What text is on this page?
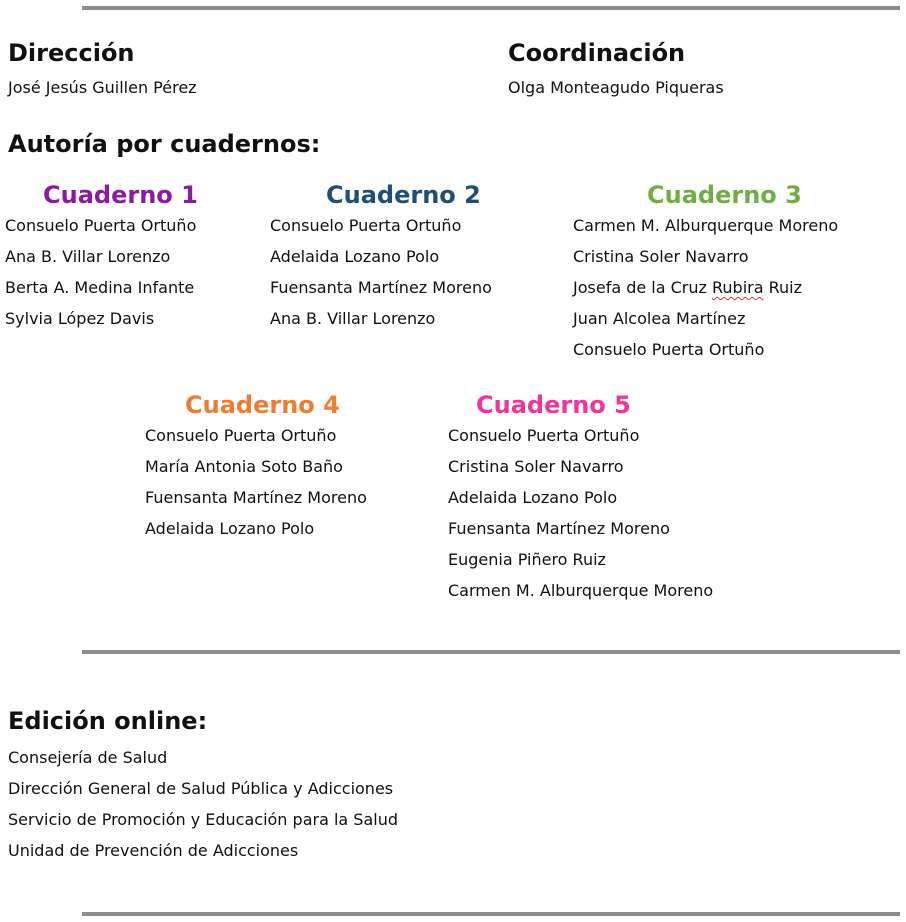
Dirección
José Jesús Guillen Pérez
Coordinación
Olga Monteagudo Piqueras
Autoría por cuadernos:
Cuaderno 1
Consuelo Puerta Ortuño
Ana B. Villar Lorenzo
Berta A. Medina Infante
Sylvia López Davis
Cuaderno 2
Consuelo Puerta Ortuño
Adelaida Lozano Polo
Fuensanta Martínez Moreno
Ana B. Villar Lorenzo
Cuaderno 3
Carmen M. Alburquerque Moreno
Cristina Soler Navarro
Josefa de la Cruz Rubira Ruiz
Juan Alcolea Martínez
Consuelo Puerta Ortuño
Cuaderno 4
Consuelo Puerta Ortuño
María Antonia Soto Baño
Fuensanta Martínez Moreno
Adelaida Lozano Polo
Cuaderno 5
Consuelo Puerta Ortuño
Cristina Soler Navarro
Adelaida Lozano Polo
Fuensanta Martínez Moreno
Eugenia Piñero Ruiz
Carmen M. Alburquerque Moreno
Edición online:
Consejería de Salud
Dirección General de Salud Pública y Adicciones
Servicio de Promoción y Educación para la Salud
Unidad de Prevención de Adicciones
